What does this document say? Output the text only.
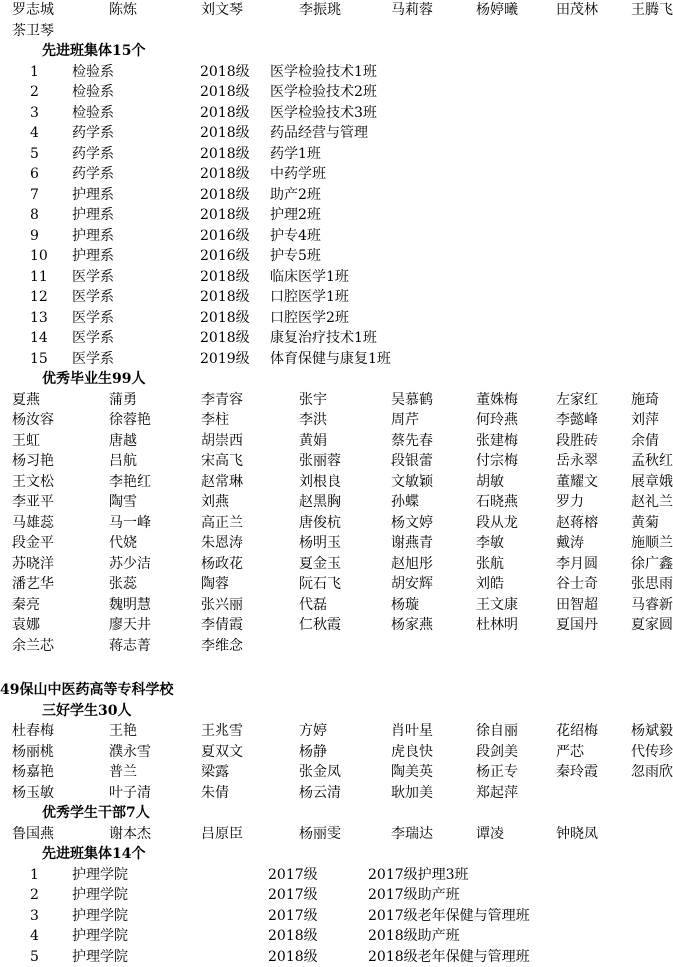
罗志城	陈炼	刘文琴	李振珧	马莉蓉	杨婷曦	田茂林	王腾飞
茶卫琴
先进班集体15个
1	检验系	2018级	医学检验技术1班
2	检验系	2018级	医学检验技术2班
3	检验系	2018级	医学检验技术3班
4	药学系	2018级	药品经营与管理
5	药学系	2018级	药学1班
6	药学系	2018级	中药学班
7	护理系	2018级	助产2班
8	护理系	2018级	护理2班
9	护理系	2016级	护专4班
10	护理系	2016级	护专5班
11	医学系	2018级	临床医学1班
12	医学系	2018级	口腔医学1班
13	医学系	2018级	口腔医学2班
14	医学系	2018级	康复治疗技术1班
15	医学系	2019级	体育保健与康复1班
优秀毕业生99人
夏燕	蒲勇	李青容	张宇	吴慕鹤	董姝梅	左家红	施琦
杨汝容	徐蓉艳	李柱	李洪	周芹	何玲燕	李懿峰	刘萍
王虹	唐越	胡崇西	黄娟	蔡先春	张建梅	段胜砖	余倩
杨习艳	吕航	宋高飞	张丽蓉	段银蕾	付宗梅	岳永翠	孟秋红
王文松	李艳红	赵常琳	刘根良	文敏颖	胡敏	董耀文	展章娥
李亚平	陶雪	刘燕	赵黑胸	孙蝶	石晓燕	罗力	赵礼兰
马雄蕊	马一峰	高正兰	唐俊杭	杨文婷	段从龙	赵蒋榕	黄菊
段金平	代娆	朱恩涛	杨明玉	谢燕青	李敏	戴涛	施顺兰
苏晓洋	苏少洁	杨政花	夏金玉	赵旭彤	张航	李月圆	徐广鑫
潘艺华	张蕊	陶蓉	阮石飞	胡安辉	刘皓	谷士奇	张思雨
秦亮	魏明慧	张兴丽	代磊	杨璇	王文康	田智超	马睿新
袁娜	廖天井	李倩霞	仁秋霞	杨家燕	杜林明	夏国丹	夏家圆
余兰芯	蒋志菁	李维念
49保山中医药高等专科学校
三好学生30人
杜春梅	王艳	王兆雪	方婷	肖叶星	徐自丽	花绍梅	杨斌毅
杨丽桃	濮永雪	夏双文	杨静	虎良快	段剑美	严芯	代传珍
杨嘉艳	普兰	梁露	张金凤	陶美英	杨正专	秦玲霞	忽雨欣
杨玉敏	叶子清	朱倩	杨云清	耿加美	郑起萍
优秀学生干部7人
鲁国燕	谢本杰	吕原臣	杨丽雯	李瑞达	谭凌	钟晓凤
先进班集体14个
1	护理学院	2017级	2017级护理3班
2	护理学院	2017级	2017级助产班
3	护理学院	2017级	2017级老年保健与管理班
4	护理学院	2018级	2018级助产班
5	护理学院	2018级	2018级老年保健与管理班
